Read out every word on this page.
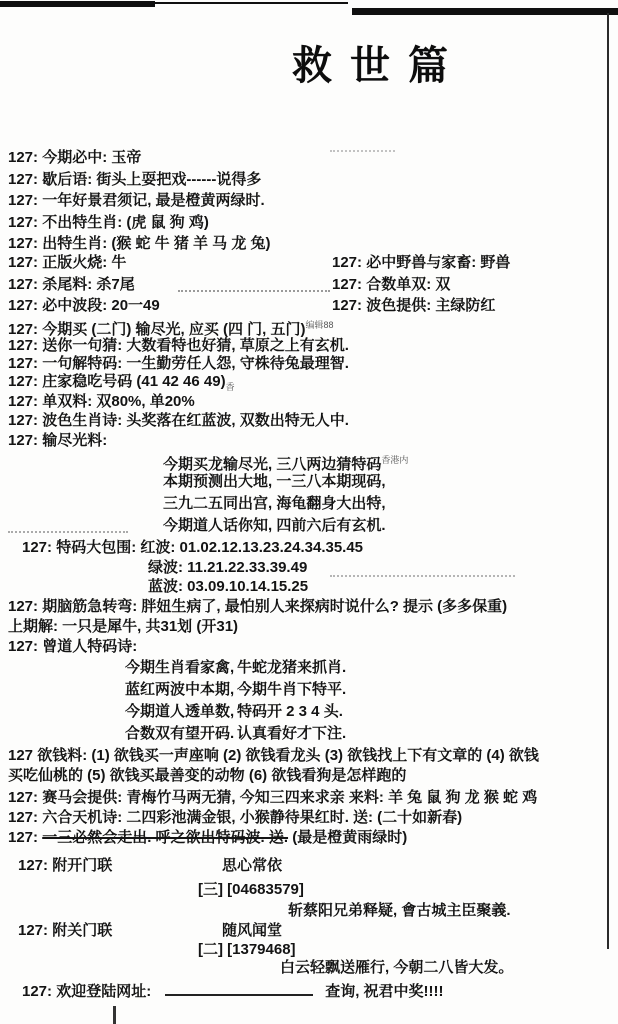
救世篇
127: 今期必中: 玉帝
127: 歇后语: 街头上耍把戏------说得多
127: 一年好景君须记, 最是橙黄两绿时.
127: 不出特生肖: (虎 鼠 狗 鸡)
127: 出特生肖: (猴 蛇 牛 猪 羊 马 龙 兔)
127: 正版火烧: 牛	127: 必中野兽与家畜: 野兽
127: 杀尾料: 杀7尾	127: 合数单双: 双
127: 必中波段: 20一49	127: 波色提供: 主绿防红
127: 今期买 (二门) 输尽光, 应买 (四 门, 五门)$^{编辑88}$
127: 送你一句猜: 大数看特也好猜, 草原之上有玄机.
127: 一句解特码: 一生勤劳任人怨, 守株待兔最理智.
127: 庄家稳吃号码 (41 42 46 $49)_香$
127: 单双料: 双80%, 单20%
127: 波色生肖诗: 头奖落在红蓝波, 双数出特无人中.
127: 输尽光料:
今期买龙输尽光, 三八两边猜特码$^{香港内}$
本期预测出大地, 一三八本期现码,
三九二五同出宫, 海龟翻身大出特,
今期道人话你知, 四前六后有玄机.
127: 特码大包围: 红波: 01.02.12.13.23.24.34.35.45
绿波: 11.21.22.33.39.49
蓝波: 03.09.10.14.15.25
127: 期脑筋急转弯: 胖妞生病了, 最怕别人来探病时说什么? 提示 (多多保重)
上期解: 一只是犀牛, 共31划 (开31)
127: 曾道人特码诗:
今期生肖看家禽, 牛蛇龙猪来抓肖.
蓝红两波中本期, 今期牛肖下特平.
今期道人透单数, 特码开 2 3 4 头.
合数双有望开码. 认真看好才下注.
127 欲钱料: (1) 欲钱买一声座响 (2) 欲钱看龙头 (3) 欲钱找上下有文章的 (4) 欲钱
买吃仙桃的 (5) 欲钱买最善变的动物 (6) 欲钱看狗是怎样跑的
127: 赛马会提供: 青梅竹马两无猜, 今知三四来求亲 来料: 羊 兔 鼠 狗 龙 猴 蛇 鸡
127: 六合天机诗: 二四彩池满金银, 小猴静待果红时. 送: (二十如新春)
127: 一三必然会走出. 呼之欲出特码波. 送. (最是橙黄雨绿时)
127: 附开门联	思心常依
[三] [04683579]
斩蔡阳兄弟释疑, 會古城主臣聚義.
127: 附关门联	随风闻堂
[二] [1379468]
白云轻飘送雁行, 今朝二八皆大发。
127: 欢迎登陆网址:	查询, 祝君中奖!!!!
